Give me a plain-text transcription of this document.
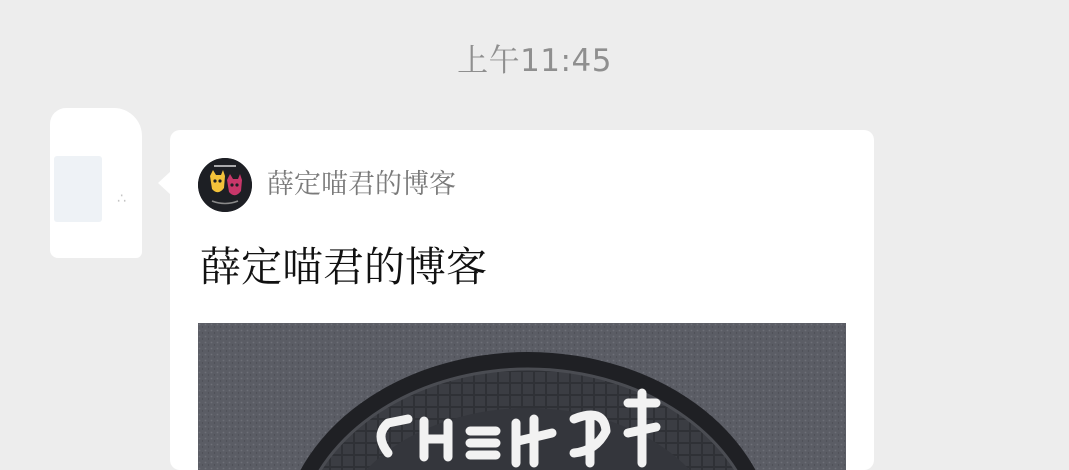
上午11:45
∴	薛定喵君的博客
薛定喵君的博客
